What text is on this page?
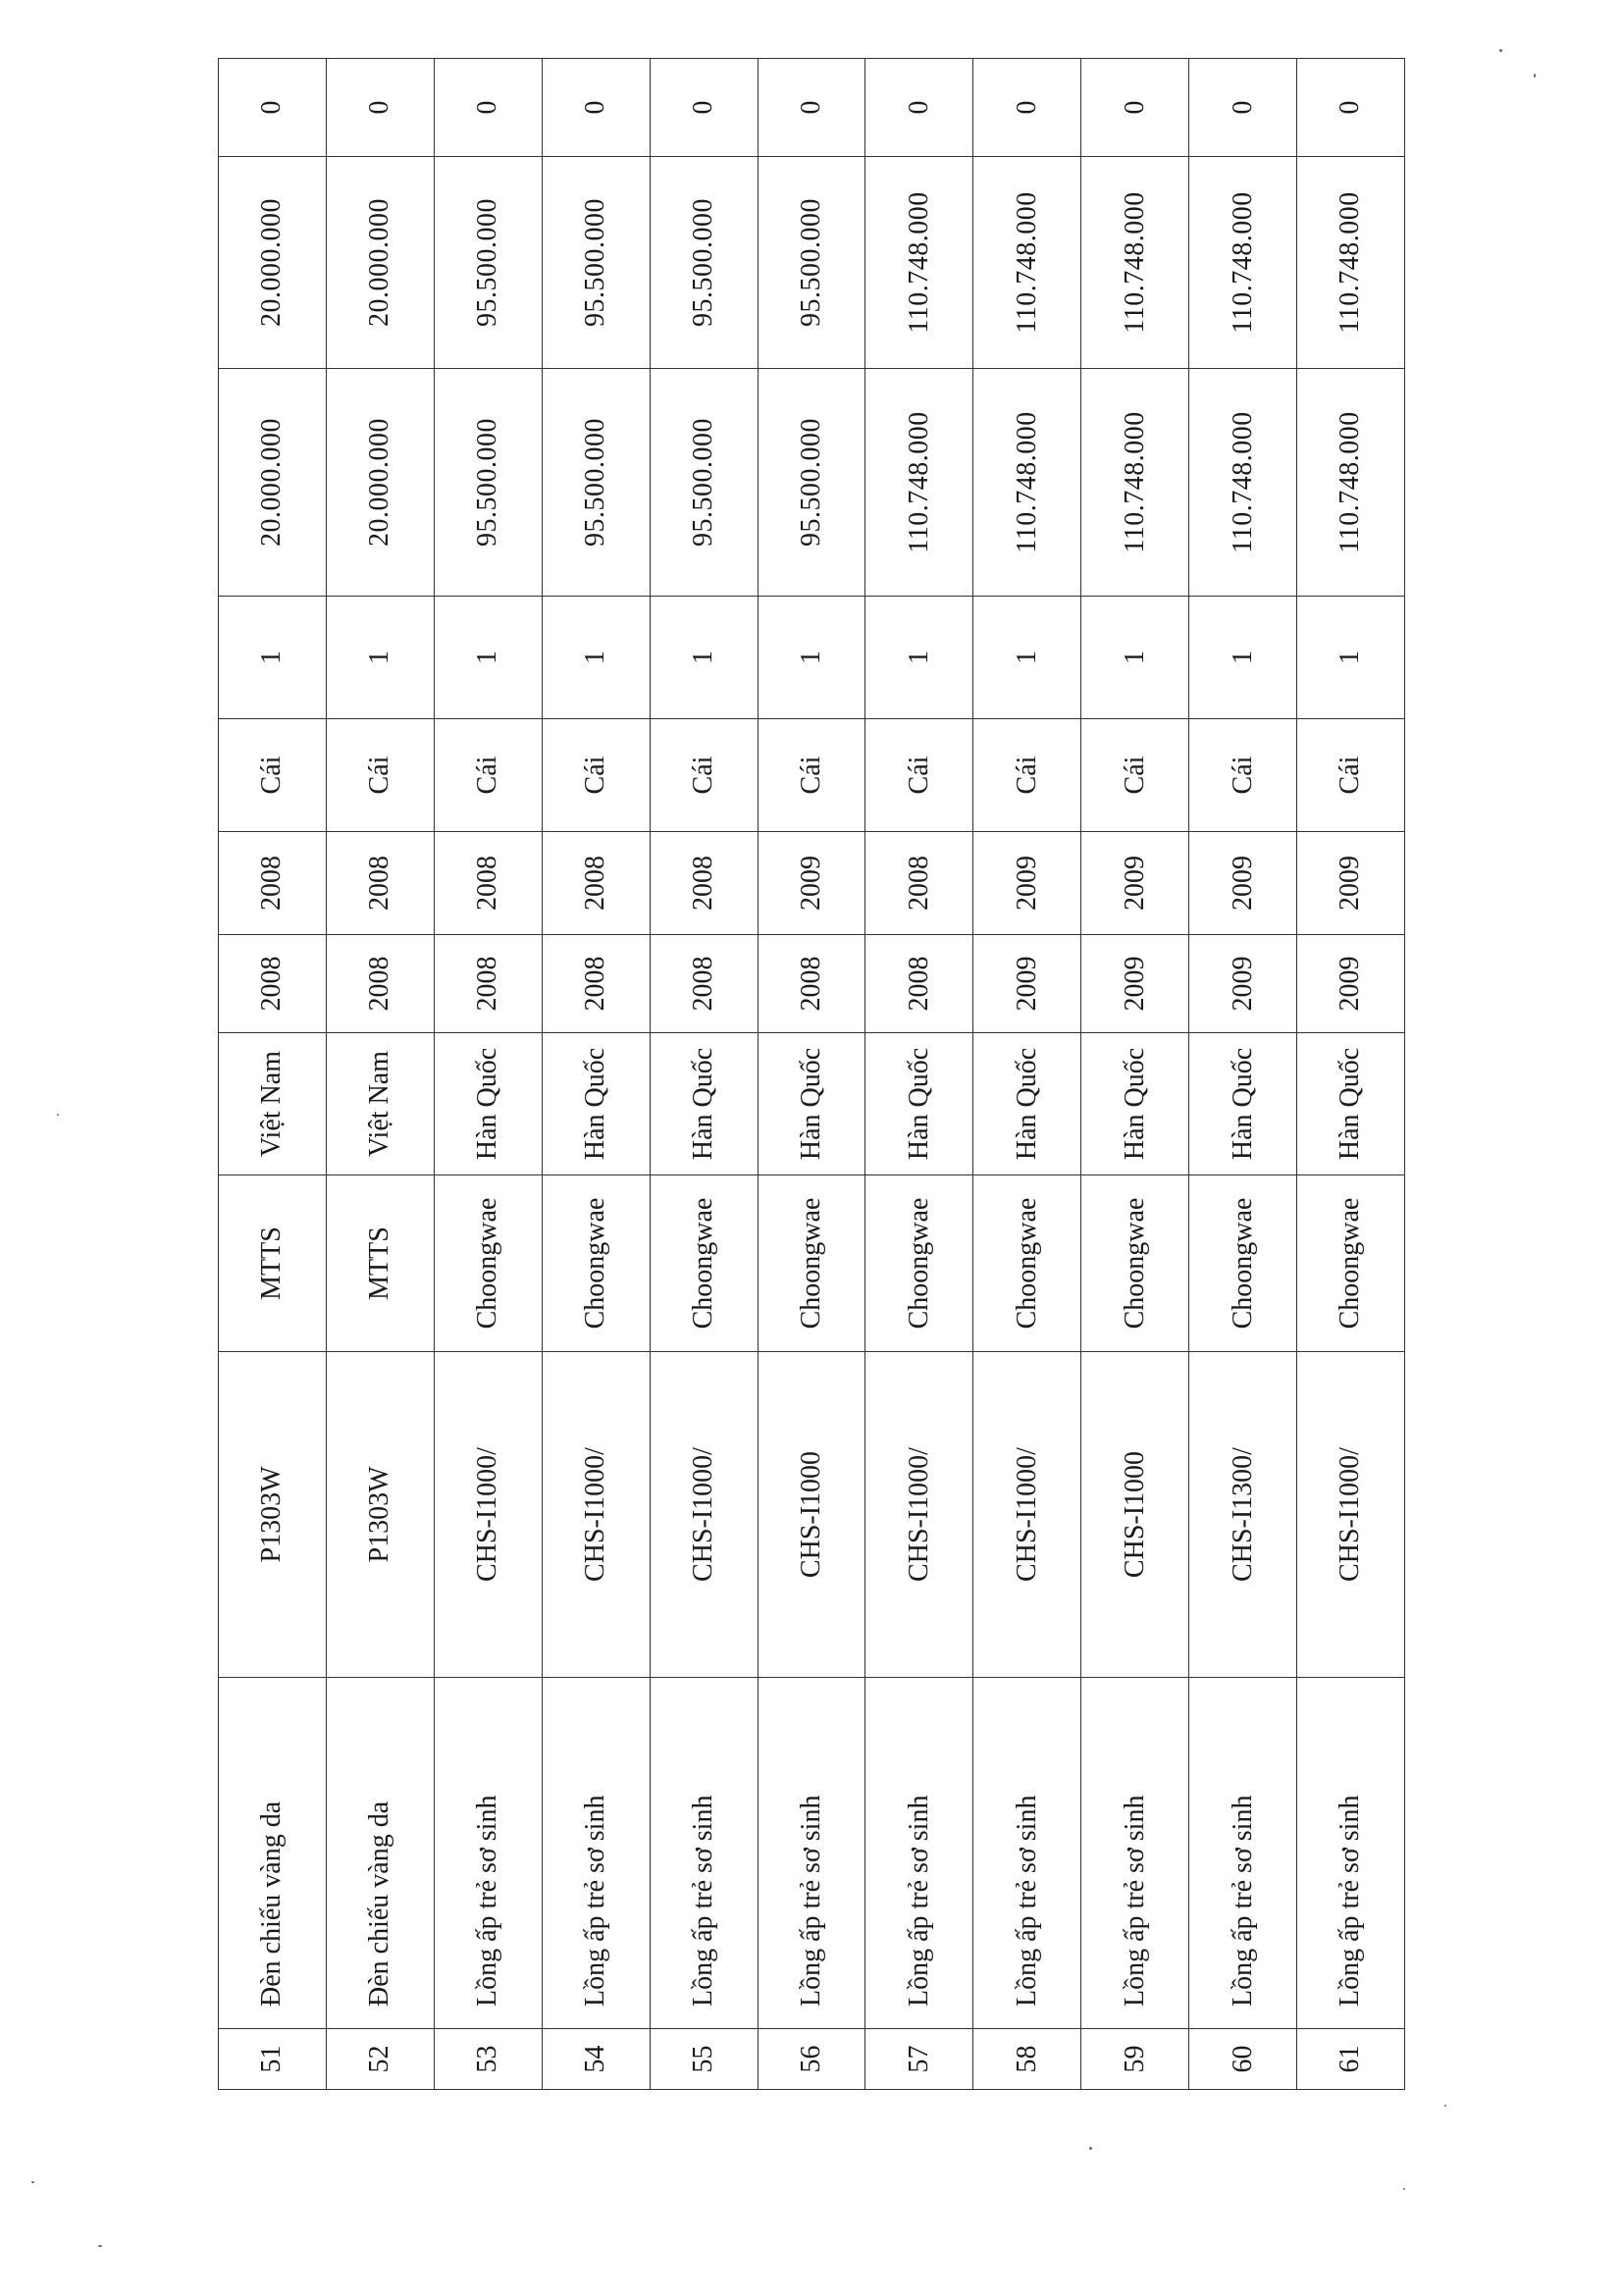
51	Đèn chiếu vàng da	P1303W	MTTS	Việt Nam	2008	2008	Cái	1	20.000.000	20.000.000	0
52	Đèn chiếu vàng da	P1303W	MTTS	Việt Nam	2008	2008	Cái	1	20.000.000	20.000.000	0
53	Lồng ấp trẻ sơ sinh	CHS-I1000/	Choongwae	Hàn Quốc	2008	2008	Cái	1	95.500.000	95.500.000	0
54	Lồng ấp trẻ sơ sinh	CHS-I1000/	Choongwae	Hàn Quốc	2008	2008	Cái	1	95.500.000	95.500.000	0
55	Lồng ấp trẻ sơ sinh	CHS-I1000/	Choongwae	Hàn Quốc	2008	2008	Cái	1	95.500.000	95.500.000	0
56	Lồng ấp trẻ sơ sinh	CHS-I1000	Choongwae	Hàn Quốc	2008	2009	Cái	1	95.500.000	95.500.000	0
57	Lồng ấp trẻ sơ sinh	CHS-I1000/	Choongwae	Hàn Quốc	2008	2008	Cái	1	110.748.000	110.748.000	0
58	Lồng ấp trẻ sơ sinh	CHS-I1000/	Choongwae	Hàn Quốc	2009	2009	Cái	1	110.748.000	110.748.000	0
59	Lồng ấp trẻ sơ sinh	CHS-I1000	Choongwae	Hàn Quốc	2009	2009	Cái	1	110.748.000	110.748.000	0
60	Lồng ấp trẻ sơ sinh	CHS-I1300/	Choongwae	Hàn Quốc	2009	2009	Cái	1	110.748.000	110.748.000	0
61	Lồng ấp trẻ sơ sinh	CHS-I1000/	Choongwae	Hàn Quốc	2009	2009	Cái	1	110.748.000	110.748.000	0
